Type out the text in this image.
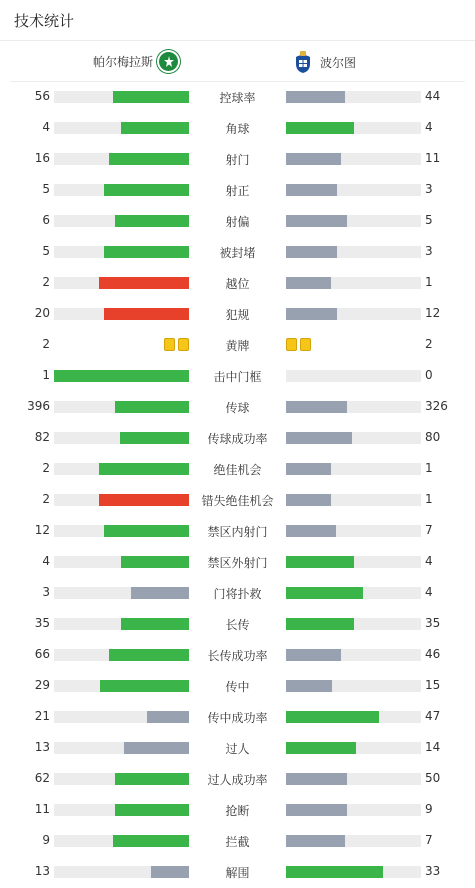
技术统计
帕尔梅拉斯	波尔图
56	控球率	44
4	角球	4
16	射门	11
5	射正	3
6	射偏	5
5	被封堵	3
2	越位	1
20	犯规	12
2	黄牌	2
1	击中门框	0
396	传球	326
82	传球成功率	80
2	绝佳机会	1
2	错失绝佳机会	1
12	禁区内射门	7
4	禁区外射门	4
3	门将扑救	4
35	长传	35
66	长传成功率	46
29	传中	15
21	传中成功率	47
13	过人	14
62	过人成功率	50
11	抢断	9
9	拦截	7
13	解围	33
